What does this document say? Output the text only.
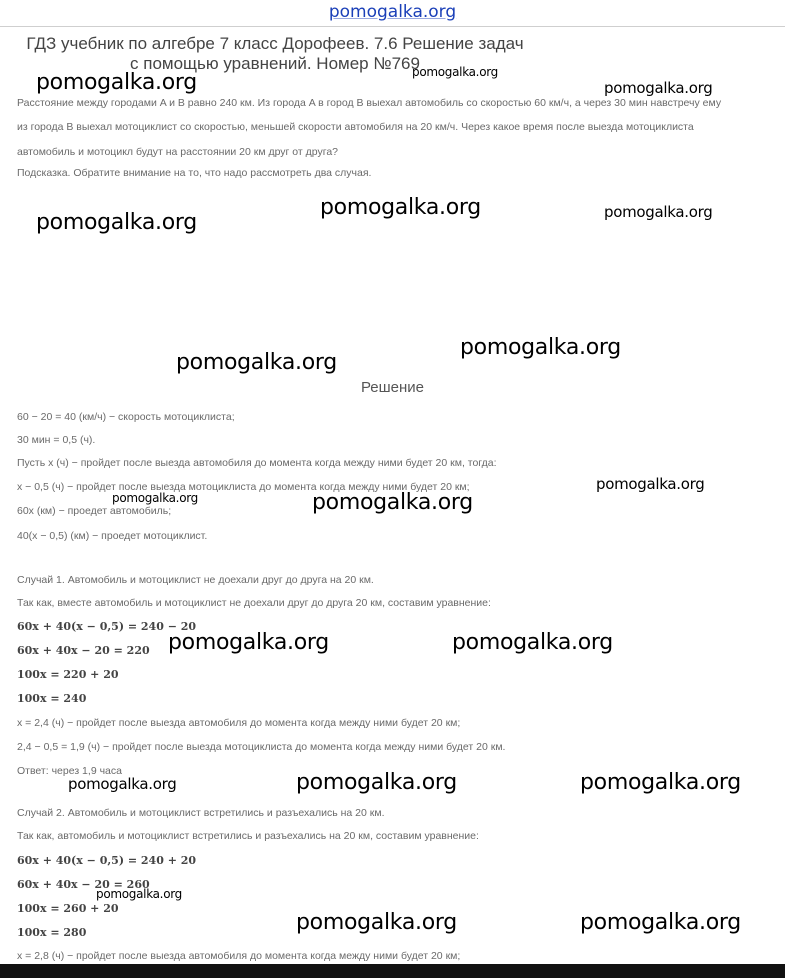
pomogalka.org
ГДЗ учебник по алгебре 7 класс Дорофеев. 7.6 Решение задач
с помощью уравнений. Номер №769
Расстояние между городами A и B равно 240 км. Из города A в город B выехал автомобиль со скоростью 60 км/ч, а через 30 мин навстречу ему
из города B выехал мотоциклист со скоростью, меньшей скорости автомобиля на 20 км/ч. Через какое время после выезда мотоциклиста
автомобиль и мотоцикл будут на расстоянии 20 км друг от друга?
Подсказка. Обратите внимание на то, что надо рассмотреть два случая.
Решение
60 − 20 = 40 (км/ч) − скорость мотоциклиста;
30 мин = 0,5 (ч).
Пусть x (ч) − пройдет после выезда автомобиля до момента когда между ними будет 20 км, тогда:
x − 0,5 (ч) − пройдет после выезда мотоциклиста до момента когда между ними будет 20 км;
60x (км) − проедет автомобиль;
40(x − 0,5) (км) − проедет мотоциклист.
Случай 1. Автомобиль и мотоциклист не доехали друг до друга на 20 км.
Так как, вместе автомобиль и мотоциклист не доехали друг до друга 20 км, составим уравнение:
60x + 40(x − 0,5) = 240 − 20
60x + 40x − 20 = 220
100x = 220 + 20
100x = 240
x = 2,4 (ч) − пройдет после выезда автомобиля до момента когда между ними будет 20 км;
2,4 − 0,5 = 1,9 (ч) − пройдет после выезда мотоциклиста до момента когда между ними будет 20 км.
Ответ: через 1,9 часа
Случай 2. Автомобиль и мотоциклист встретились и разъехались на 20 км.
Так как, автомобиль и мотоциклист встретились и разъехались на 20 км, составим уравнение:
60x + 40(x − 0,5) = 240 + 20
60x + 40x − 20 = 260
100x = 260 + 20
100x = 280
x = 2,8 (ч) − пройдет после выезда автомобиля до момента когда между ними будет 20 км;
pomogalka.org	pomogalka.org
pomogalka.org
pomogalka.org
pomogalka.org	pomogalka.org
pomogalka.org
pomogalka.org
pomogalka.org
pomogalka.org	pomogalka.org
pomogalka.org	pomogalka.org
pomogalka.org	pomogalka.org	pomogalka.org
pomogalka.org
pomogalka.org	pomogalka.org
